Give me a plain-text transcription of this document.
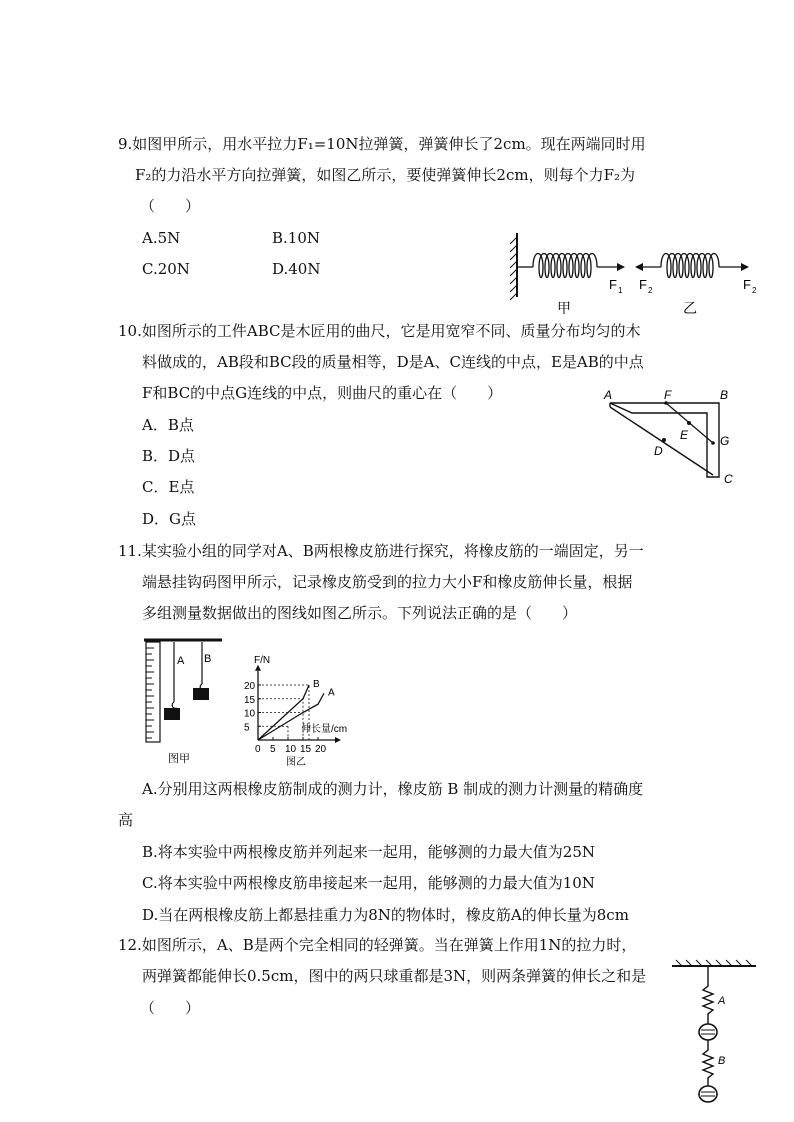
9.如图甲所示，用水平拉力F₁=10N拉弹簧，弹簧伸长了2cm。现在两端同时用
F₂的力沿水平方向拉弹簧，如图乙所示，要使弹簧伸长2cm，则每个力F₂为
（　　）
A.5N	B.10N
C.20N	D.40N
F 1 F 2	F 2
甲	乙
10.如图所示的工件ABC是木匠用的曲尺，它是用宽窄不同、质量分布均匀的木
料做成的，AB段和BC段的质量相等，D是A、C连线的中点，E是AB的中点
F和BC的中点G连线的中点，则曲尺的重心在（　　）
A．B点
B．D点
C．E点
D．G点
A	F	B
E	G
D
C
11.某实验小组的同学对A、B两根橡皮筋进行探究，将橡皮筋的一端固定，另一
端悬挂钩码图甲所示，记录橡皮筋受到的拉力大小F和橡皮筋伸长量，根据
多组测量数据做出的图线如图乙所示。下列说法正确的是（　　）
A B
图甲
0 5 10 15 20
5
10
15
20
A
B
F/N
伸长量/cm
图乙
A.分别用这两根橡皮筋制成的测力计，橡皮筋 B 制成的测力计测量的精确度
高
B.将本实验中两根橡皮筋并列起来一起用，能够测的力最大值为25N
C.将本实验中两根橡皮筋串接起来一起用，能够测的力最大值为10N
D.当在两根橡皮筋上都悬挂重力为8N的物体时，橡皮筋A的伸长量为8cm
12.如图所示，A、B是两个完全相同的轻弹簧。当在弹簧上作用1N的拉力时，
两弹簧都能伸长0.5cm，图中的两只球重都是3N，则两条弹簧的伸长之和是
（　　）	A
B
